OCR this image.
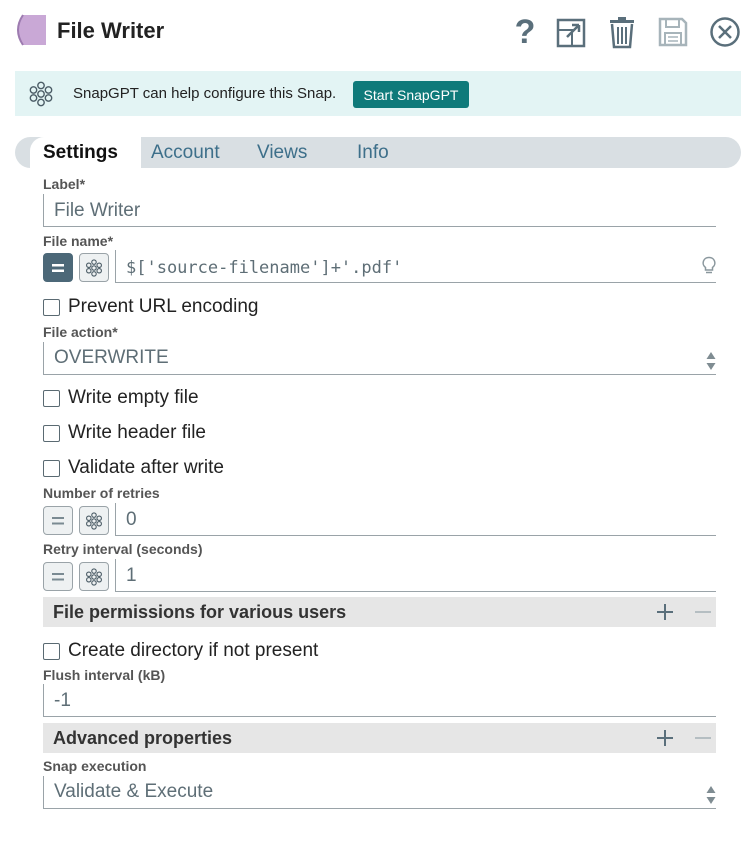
File Writer	?
SnapGPT can help configure this Snap.	Start SnapGPT
Settings	Account Views	Info
Label*
File Writer
File name*
$['source-filename']+'.pdf'
Prevent URL encoding
File action*
OVERWRITE
Write empty file
Write header file
Validate after write
Number of retries
0
Retry interval (seconds)
1
File permissions for various users
Create directory if not present
Flush interval (kB)
-1
Advanced properties
Snap execution
Validate & Execute
